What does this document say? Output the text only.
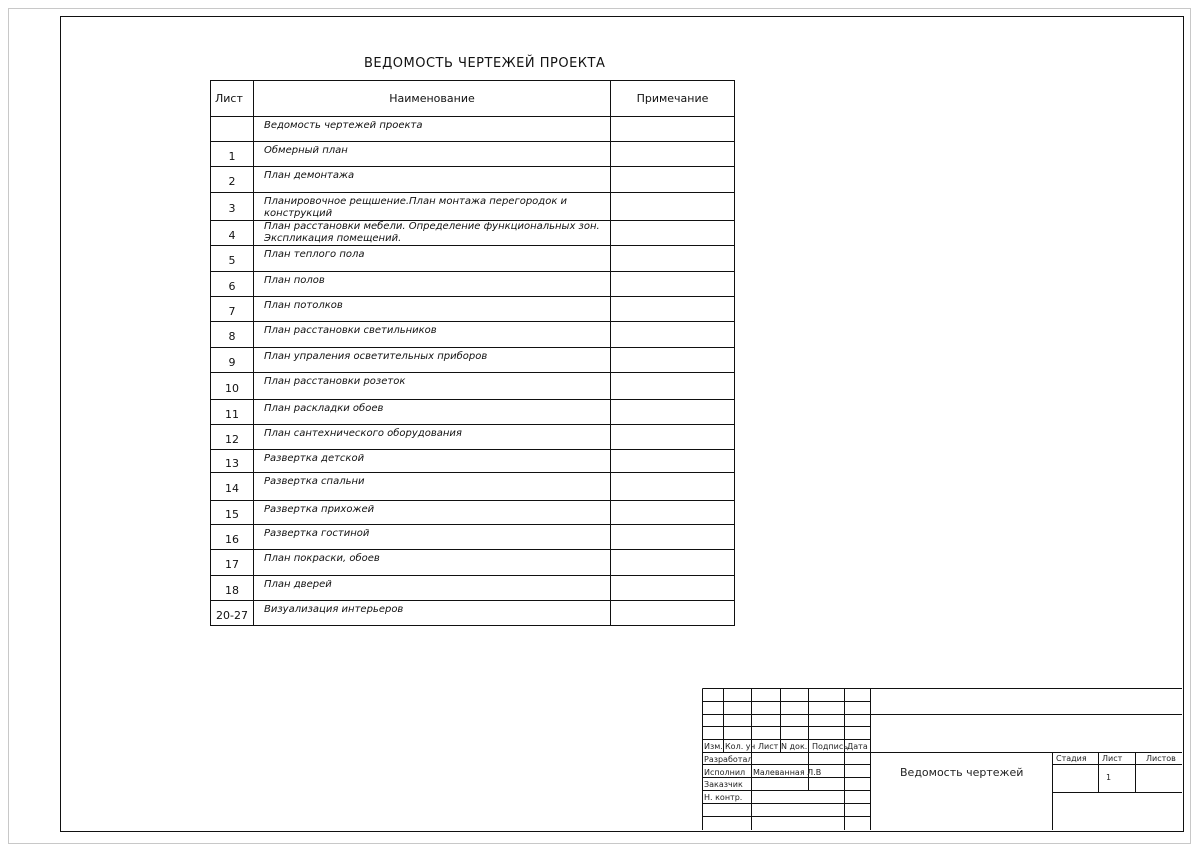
ВЕДОМОСТЬ ЧЕРТЕЖЕЙ ПРОЕКТА
Лист	Наименование	Примечание

	Ведомость чертежей проекта	

1	Обмерный план	

2	План демонтажа	

3	Планировочное рещшение.План монтажа перегородок и конструкций	

4	План расстановки мебели. Определение функциональных зон.
Экспликация помещений.	

5	План теплого пола	

6	План полов	

7	План потолков	

8	План расстановки светильников	

9	План упраления осветительных приборов	

10	План расстановки розеток	

11	План раскладки обоев	

12	План сантехнического оборудования	

13	Развертка детской	

14	Развеpтка спальни	

15	Развертка прихожей	

16	Развертка гостиной	

17	План покраски, обоев	

18	План дверей	

20-27	Визуализация интерьеров	

Изм. Кол. уч Лист N док. Подпись Дата
Разработал
Исполнил Малеванная Л.В
Заказчик
Н. контр.
Ведомость чертежей
Стадия Лист	Листов
1
